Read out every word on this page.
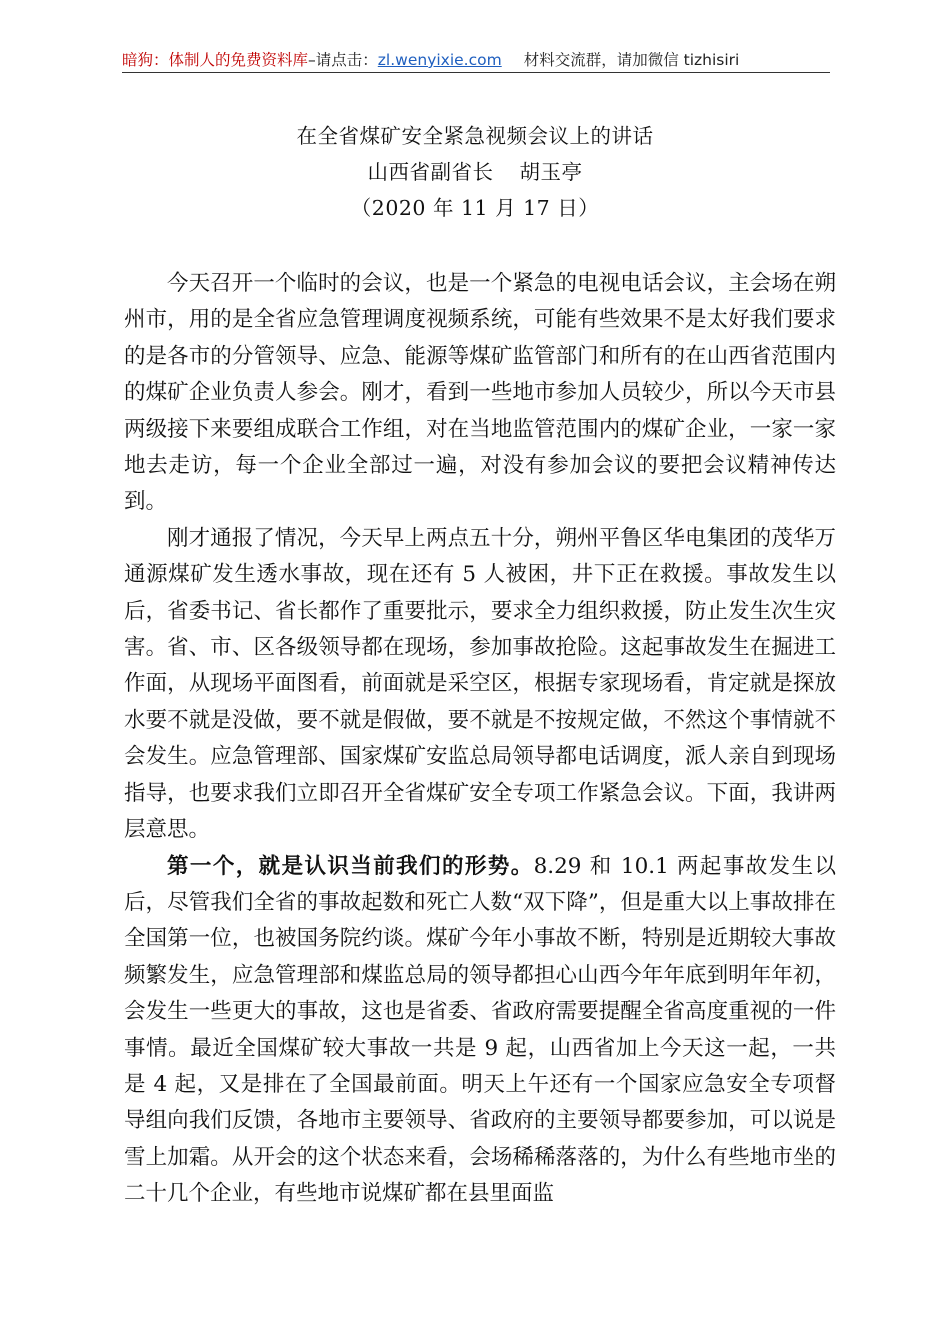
暗狗：体制人的免费资料库–请点击：zl.wenyixie.com 材料交流群，请加微信 tizhisiri
在全省煤矿安全紧急视频会议上的讲话
山西省副省长 胡玉亭
（2020 年 11 月 17 日）

今天召开一个临时的会议，也是一个紧急的电视电话会议，主会场在朔州市，用的是全省应急管理调度视频系统，可能有些效果不是太好我们要求的是各市的分管领导、应急、能源等煤矿监管部门和所有的在山西省范围内的煤矿企业负责人参会。刚才，看到一些地市参加人员较少，所以今天市县两级接下来要组成联合工作组，对在当地监管范围内的煤矿企业，一家一家地去走访，每一个企业全部过一遍，对没有参加会议的要把会议精神传达到。

刚才通报了情况，今天早上两点五十分，朔州平鲁区华电集团的茂华万通源煤矿发生透水事故，现在还有 5 人被困，井下正在救援。事故发生以后，省委书记、省长都作了重要批示，要求全力组织救援，防止发生次生灾害。省、市、区各级领导都在现场，参加事故抢险。这起事故发生在掘进工作面，从现场平面图看，前面就是采空区，根据专家现场看，肯定就是探放水要不就是没做，要不就是假做，要不就是不按规定做，不然这个事情就不会发生。应急管理部、国家煤矿安监总局领导都电话调度，派人亲自到现场指导，也要求我们立即召开全省煤矿安全专项工作紧急会议。下面，我讲两层意思。

第一个，就是认识当前我们的形势。8.29 和 10.1 两起事故发生以后，尽管我们全省的事故起数和死亡人数“双下降”，但是重大以上事故排在全国第一位，也被国务院约谈。煤矿今年小事故不断，特别是近期较大事故频繁发生，应急管理部和煤监总局的领导都担心山西今年年底到明年年初，会发生一些更大的事故，这也是省委、省政府需要提醒全省高度重视的一件事情。最近全国煤矿较大事故一共是 9 起，山西省加上今天这一起，一共是 4 起，又是排在了全国最前面。明天上午还有一个国家应急安全专项督导组向我们反馈，各地市主要领导、省政府的主要领导都要参加，可以说是雪上加霜。从开会的这个状态来看，会场稀稀落落的，为什么有些地市坐的二十几个企业，有些地市说煤矿都在县里面监
